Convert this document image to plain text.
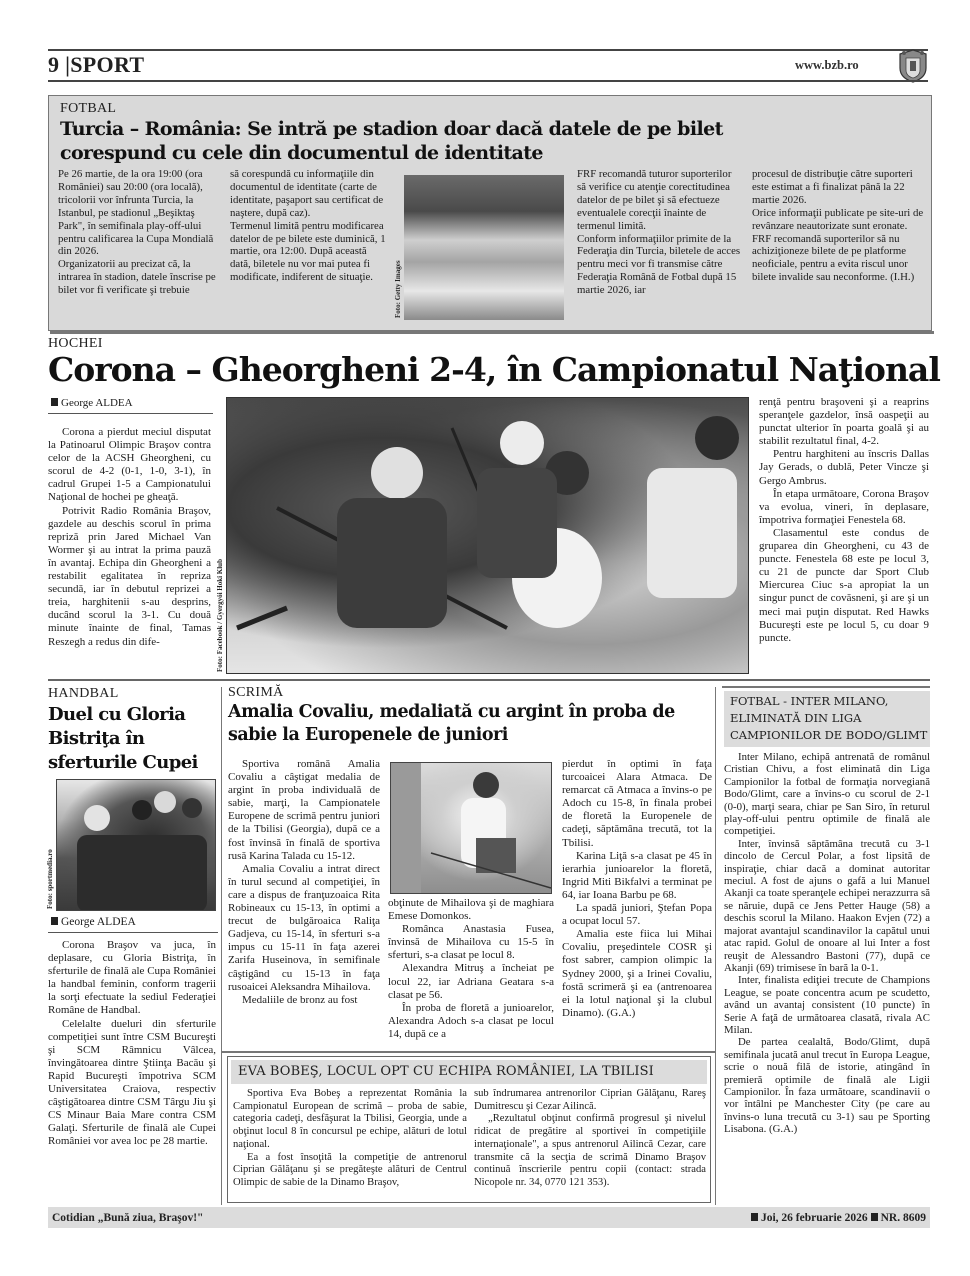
9 |SPORT	www.bzb.ro
FOTBAL
Turcia – România: Se intră pe stadion doar dacă datele de pe bilet corespund cu cele din documentul de identitate

Pe 26 martie, de la ora 19:00 (ora României) sau 20:00 (ora locală), tricolorii vor înfrunta Turcia, la Istanbul, pe stadionul „Beşiktaş Park", în semifinala play-off-ului pentru calificarea la Cupa Mondială din 2026.

Organizatorii au precizat că, la intrarea în stadion, datele înscrise pe bilet vor fi verificate şi trebuie

să corespundă cu informaţiile din documentul de identitate (carte de identitate, paşaport sau certificat de naştere, după caz).

Termenul limită pentru modificarea datelor de pe bilete este duminică, 1 martie, ora 12:00. După această dată, biletele nu vor mai putea fi modificate, indiferent de situaţie.	Foto: Getty Images

FRF recomandă tuturor suporterilor să verifice cu atenţie corectitudinea datelor de pe bilet şi să efectueze eventualele corecţii înainte de termenul limită.

Conform informaţiilor primite de la Federaţia din Turcia, biletele de acces pentru meci vor fi transmise către Federaţia Română de Fotbal după 15 martie 2026, iar

procesul de distribuţie către suporteri este estimat a fi finalizat până la 22 martie 2026.

Orice informaţii publicate pe site-uri de revânzare neautorizate sunt eronate. FRF recomandă suporterilor să nu achiziţioneze bilete de pe platforme neoficiale, pentru a evita riscul unor bilete invalide sau neconforme. (I.H.)

HOCHEI
Corona – Gheorgheni 2-4, în Campionatul Naţional
George ALDEA

Corona a pierdut meciul disputat la Patinoarul Olimpic Braşov contra celor de la ACSH Gheorgheni, cu scorul de 4-2 (0-1, 1-0, 3-1), în cadrul Grupei 1-5 a Campionatului Naţional de hochei pe gheaţă.

Potrivit Radio România Braşov, gazdele au deschis scorul în prima repriză prin Jared Michael Van Wormer şi au intrat la prima pauză în avantaj. Echipa din Gheorgheni a restabilit egalitatea în repriza secundă, iar în debutul reprizei a treia, harghitenii s-au desprins, ducând scorul la 3-1. Cu două minute înainte de final, Tamas Reszegh a redus din dife-	Foto: Facebook / Gyergyói Hoki Klub

renţă pentru braşoveni şi a reaprins speranţele gazdelor, însă oaspeţii au punctat ulterior în poarta goală şi au stabilit rezultatul final, 4-2.

Pentru harghiteni au înscris Dallas Jay Gerads, o dublă, Peter Vincze şi Gergo Ambrus.

În etapa următoare, Corona Braşov va evolua, vineri, în deplasare, împotriva formaţiei Fenestela 68.

Clasamentul este condus de gruparea din Gheorgheni, cu 43 de puncte. Fenestela 68 este pe locul 3, cu 21 de puncte dar Sport Club Miercurea Ciuc s-a apropiat la un singur punct de covăsneni, şi are şi un meci mai puţin disputat. Red Hawks Bucureşti este pe locul 5, cu doar 9 puncte.

HANDBAL
Duel cu Gloria Bistriţa în sferturile Cupei
Foto: sportmedia.ro
George ALDEA

Corona Braşov va juca, în deplasare, cu Gloria Bistriţa, în sferturile de finală ale Cupa României la handbal feminin, conform tragerii la sorţi efectuate la sediul Federaţiei Române de Handbal.

Celelalte dueluri din sferturile competiţiei sunt între CSM Bucureşti şi SCM Râmnicu Vâlcea, învingătoarea dintre Ştiinţa Bacău şi Rapid Bucureşti împotriva SCM Universitatea Craiova, respectiv câştigătoarea dintre CSM Târgu Jiu şi CS Minaur Baia Mare contra CSM Galaţi. Sferturile de finală ale Cupei României vor avea loc pe 28 martie.

SCRIMĂ
Amalia Covaliu, medaliată cu argint în proba de sabie la Europenele de juniori

Sportiva română Amalia Covaliu a câştigat medalia de argint în proba individuală de sabie, marţi, la Campionatele Europene de scrimă pentru juniori de la Tbilisi (Georgia), după ce a fost învinsă în finală de sportiva rusă Karina Talada cu 15-12.

Amalia Covaliu a intrat direct în turul secund al competiţiei, în care a dispus de franţuzoaica Rita Robineaux cu 15-13, în optimi a trecut de bulgăroaica Raliţa Gadjeva, cu 15-14, în sferturi s-a impus cu 15-11 în faţa azerei Zarifa Huseinova, în semifinale câştigând cu 15-13 în faţa rusoaicei Aleksandra Mihailova.

Medaliile de bronz au fost

obţinute de Mihailova şi de maghiara Emese Domonkos.

Românca Anastasia Fusea, învinsă de Mihailova cu 15-5 în sferturi, s-a clasat pe locul 8.

Alexandra Mitruş a încheiat pe locul 22, iar Adriana Geatara s-a clasat pe 56.

În proba de floretă a junioarelor, Alexandra Adoch s-a clasat pe locul 14, după ce a

pierdut în optimi în faţa turcoaicei Alara Atmaca. De remarcat că Atmaca a învins-o pe Adoch cu 15-8, în finala probei de floretă la Europenele de cadeţi, săptămâna trecută, tot la Tbilisi.

Karina Liţă s-a clasat pe 45 în ierarhia junioarelor la floretă, Ingrid Miti Bikfalvi a terminat pe 64, iar Ioana Barbu pe 68.

La spadă juniori, Ştefan Popa a ocupat locul 57.

Amalia este fiica lui Mihai Covaliu, preşedintele COSR şi fost sabrer, campion olimpic la Sydney 2000, şi a Irinei Covaliu, fostă scrimeră şi ea (antrenoarea ei la lotul naţional şi la clubul Dinamo). (G.A.)

EVA BOBEŞ, LOCUL OPT CU ECHIPA ROMÂNIEI, LA TBILISI

Sportiva Eva Bobeş a reprezentat România la Campionatul European de scrimă – proba de sabie, categoria cadeţi, desfăşurat la Tbilisi, Georgia, unde a obţinut locul 8 în concursul pe echipe, alături de lotul naţional.

Ea a fost însoţită la competiţie de antrenorul Ciprian Gălăţanu şi se pregăteşte alături de Centrul Olimpic de sabie de la Dinamo Braşov,

sub îndrumarea antrenorilor Ciprian Gălăţanu, Rareş Dumitrescu şi Cezar Ailincă.

„Rezultatul obţinut confirmă progresul şi nivelul ridicat de pregătire al sportivei în competiţiile internaţionale", a spus antrenorul Ailincă Cezar, care transmite că la secţia de scrimă Dinamo Braşov continuă înscrierile pentru copii (contact: strada Nicopole nr. 34, 0770 121 353).

FOTBAL - INTER MILANO, ELIMINATĂ DIN LIGA CAMPIONILOR DE BODO/GLIMT

Inter Milano, echipă antrenată de românul Cristian Chivu, a fost eliminată din Liga Campionilor la fotbal de formaţia norvegiană Bodo/Glimt, care a învins-o cu scorul de 2-1 (0-0), marţi seara, chiar pe San Siro, în returul play-off-ului pentru optimile de finală ale competiţiei.

Inter, învinsă săptămâna trecută cu 3-1 dincolo de Cercul Polar, a fost lipsită de inspiraţie, chiar dacă a dominat autoritar meciul. A fost de ajuns o gafă a lui Manuel Akanji ca toate speranţele echipei nerazzurra să se năruie, după ce Jens Petter Hauge (58) a deschis scorul la Milano. Haakon Evjen (72) a majorat avantajul scandinavilor la capătul unui atac rapid. Golul de onoare al lui Inter a fost reuşit de Alessandro Bastoni (77), după ce Akanji (69) trimisese în bară la 0-1.

Inter, finalista ediţiei trecute de Champions League, se poate concentra acum pe scudetto, având un avantaj consistent (10 puncte) în Serie A faţă de următoarea clasată, rivala AC Milan.

De partea cealaltă, Bodo/Glimt, după semifinala jucată anul trecut în Europa League, scrie o nouă filă de istorie, atingând în premieră optimile de finală ale Ligii Campionilor. În faza următoare, scandinavii o vor întâlni pe Manchester City (pe care au învins-o luna trecută cu 3-1) sau pe Sporting Lisabona. (G.A.)

Cotidian „Bună ziua, Braşov!"	Joi, 26 februarie 2026 NR. 8609
